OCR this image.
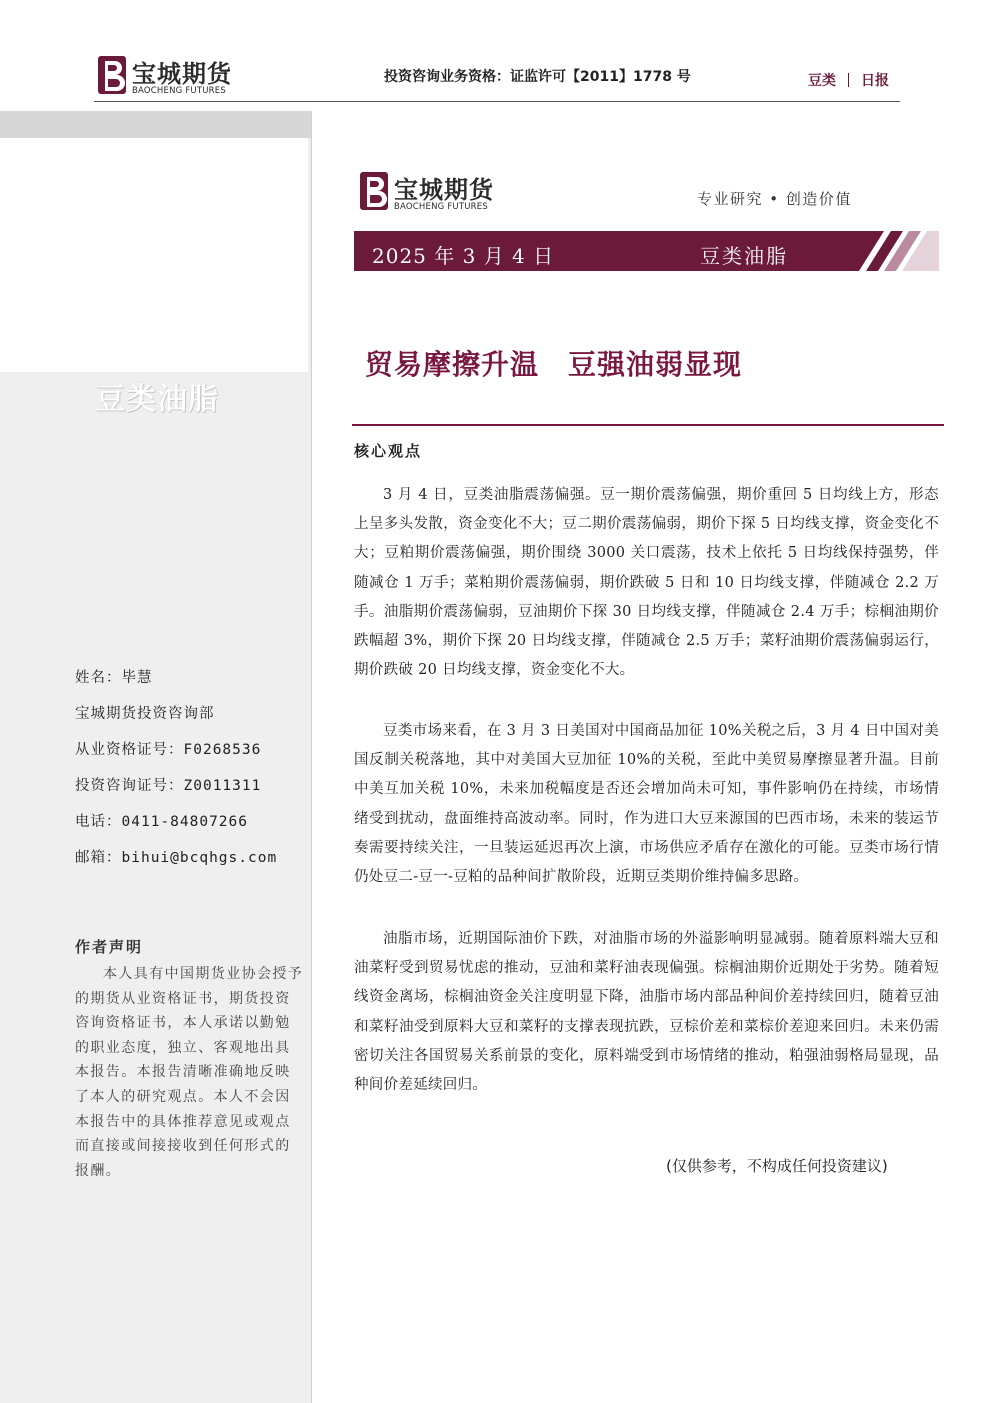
宝城期货
BAOCHENG FUTURES
投资咨询业务资格：证监许可【2011】1778 号	豆类 日报
豆类油脂
姓名：毕慧
宝城期货投资咨询部
从业资格证号：F0268536
投资咨询证号：Z0011311
电话：0411-84807266
邮箱：bihui@bcqhgs.com
作者声明
本人具有中国期货业协会授予的期货从业资格证书，期货投资咨询资格证书，本人承诺以勤勉的职业态度，独立、客观地出具本报告。本报告清晰准确地反映了本人的研究观点。本人不会因本报告中的具体推荐意见或观点而直接或间接接收到任何形式的报酬。
宝城期货
BAOCHENG FUTURES	专业研究 • 创造价值
2025 年 3 月 4 日	豆类油脂
贸易摩擦升温　豆强油弱显现
核心观点
3 月 4 日，豆类油脂震荡偏强。豆一期价震荡偏强，期价重回 5 日均线上方，形态上呈多头发散，资金变化不大；豆二期价震荡偏弱，期价下探 5 日均线支撑，资金变化不大；豆粕期价震荡偏强，期价围绕 3000 关口震荡，技术上依托 5 日均线保持强势，伴随减仓 1 万手；菜粕期价震荡偏弱，期价跌破 5 日和 10 日均线支撑，伴随减仓 2.2 万手。油脂期价震荡偏弱，豆油期价下探 30 日均线支撑，伴随减仓 2.4 万手；棕榈油期价跌幅超 3%，期价下探 20 日均线支撑，伴随减仓 2.5 万手；菜籽油期价震荡偏弱运行，期价跌破 20 日均线支撑，资金变化不大。
豆类市场来看，在 3 月 3 日美国对中国商品加征 10%关税之后，3 月 4 日中国对美国反制关税落地，其中对美国大豆加征 10%的关税，至此中美贸易摩擦显著升温。目前中美互加关税 10%，未来加税幅度是否还会增加尚未可知，事件影响仍在持续，市场情绪受到扰动，盘面维持高波动率。同时，作为进口大豆来源国的巴西市场，未来的装运节奏需要持续关注，一旦装运延迟再次上演，市场供应矛盾存在激化的可能。豆类市场行情仍处豆二-豆一-豆粕的品种间扩散阶段，近期豆类期价维持偏多思路。
油脂市场，近期国际油价下跌，对油脂市场的外溢影响明显减弱。随着原料端大豆和油菜籽受到贸易忧虑的推动，豆油和菜籽油表现偏强。棕榈油期价近期处于劣势。随着短线资金离场，棕榈油资金关注度明显下降，油脂市场内部品种间价差持续回归，随着豆油和菜籽油受到原料大豆和菜籽的支撑表现抗跌，豆棕价差和菜棕价差迎来回归。未来仍需密切关注各国贸易关系前景的变化，原料端受到市场情绪的推动，粕强油弱格局显现，品种间价差延续回归。
(仅供参考，不构成任何投资建议)
